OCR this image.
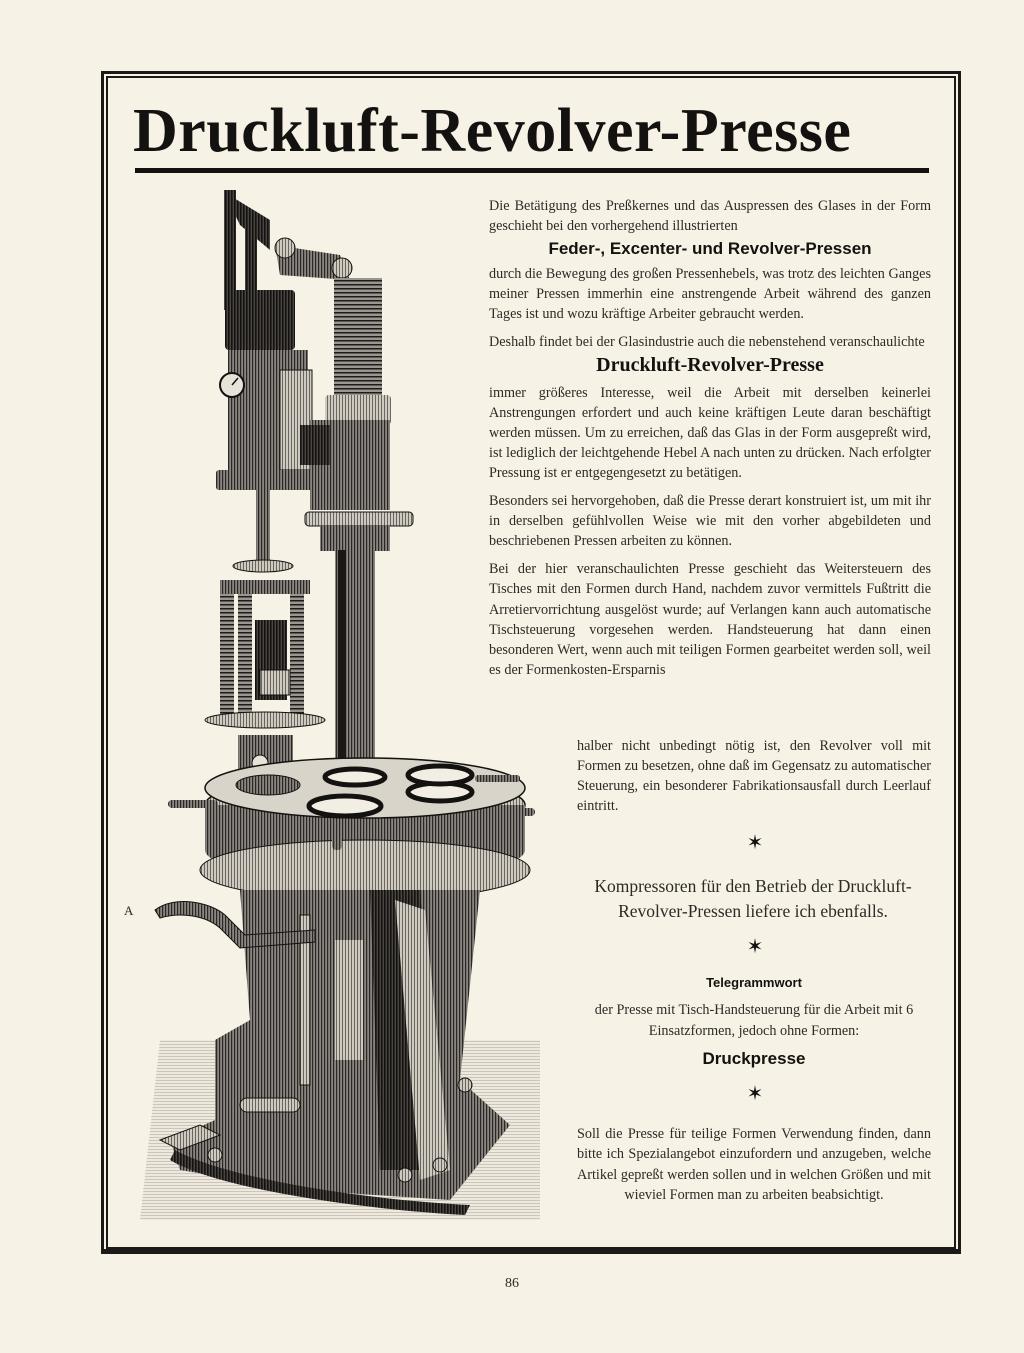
Druckluft-Revolver-Presse
A

Die Betätigung des Preßkernes und das Auspressen des Glases in der Form geschieht bei den vorhergehend illustrierten

Feder-, Excenter- und Revolver-Pressen

durch die Bewegung des großen Pressenhebels, was trotz des leichten Ganges meiner Pressen immerhin eine anstrengende Arbeit während des ganzen Tages ist und wozu kräftige Arbeiter gebraucht werden.

Deshalb findet bei der Glasindustrie auch die nebenstehend veranschaulichte

Druckluft-Revolver-Presse

immer größeres Interesse, weil die Arbeit mit derselben keinerlei Anstrengungen erfordert und auch keine kräftigen Leute daran beschäftigt werden müssen. Um zu erreichen, daß das Glas in der Form ausgepreßt wird, ist lediglich der leichtgehende Hebel A nach unten zu drücken. Nach erfolgter Pressung ist er entgegengesetzt zu betätigen.

Besonders sei hervorgehoben, daß die Presse derart konstruiert ist, um mit ihr in derselben gefühlvollen Weise wie mit den vorher abgebildeten und beschriebenen Pressen arbeiten zu können.

Bei der hier veranschaulichten Presse geschieht das Weitersteuern des Tisches mit den Formen durch Hand, nachdem zuvor vermittels Fußtritt die Arretiervorrichtung ausgelöst wurde; auf Verlangen kann auch automatische Tischsteuerung vorgesehen werden. Handsteuerung hat dann einen besonderen Wert, wenn auch mit teiligen Formen gearbeitet werden soll, weil es der Formenkosten-Ersparnis

halber nicht unbedingt nötig ist, den Revolver voll mit Formen zu besetzen, ohne daß im Gegensatz zu automatischer Steuerung, ein besonderer Fabrikationsausfall durch Leerlauf eintritt.

✶
Kompressoren für den Betrieb der Druckluft-Revolver-Pressen liefere ich ebenfalls.
✶
Telegrammwort
der Presse mit Tisch-Handsteuerung für die Arbeit mit 6 Einsatzformen, jedoch ohne Formen:
Druckpresse
✶
Soll die Presse für teilige Formen Verwendung finden, dann bitte ich Spezialangebot einzufordern und anzugeben, welche Artikel gepreßt werden sollen und in welchen Größen und mit wieviel Formen man zu arbeiten beabsichtigt.
86
